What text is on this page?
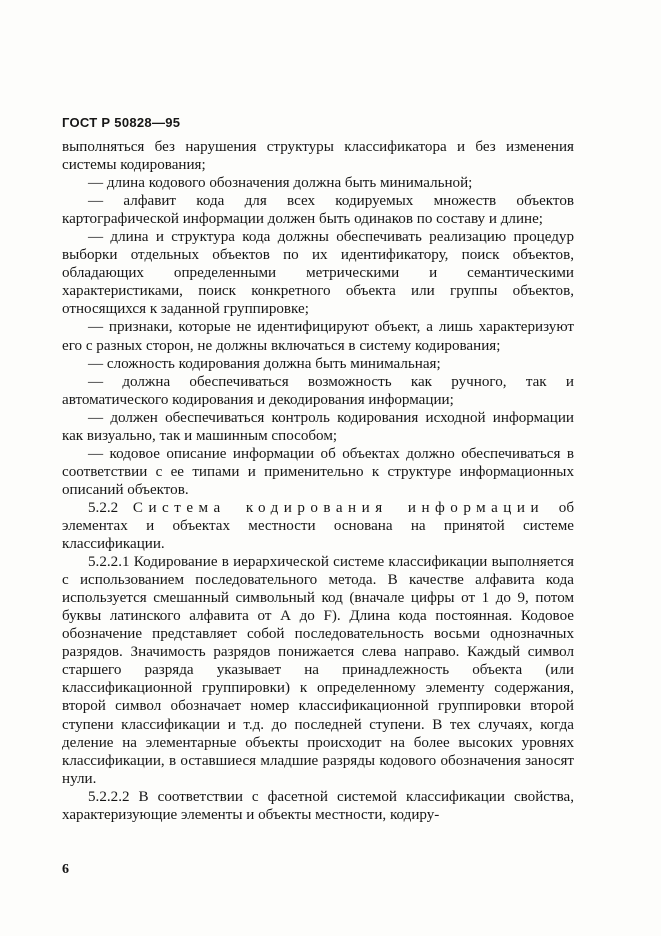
ГОСТ Р 50828—95

выполняться без нарушения структуры классификатора и без изменения системы кодирования;

— длина кодового обозначения должна быть минимальной;

— алфавит кода для всех кодируемых множеств объектов картографической информации должен быть одинаков по составу и длине;

— длина и структура кода должны обеспечивать реализацию процедур выборки отдельных объектов по их идентификатору, поиск объектов, обладающих определенными метрическими и семантическими характеристиками, поиск конкретного объекта или группы объектов, относящихся к заданной группировке;

— признаки, которые не идентифицируют объект, а лишь характеризуют его с разных сторон, не должны включаться в систему кодирования;

— сложность кодирования должна быть минимальная;

— должна обеспечиваться возможность как ручного, так и автоматического кодирования и декодирования информации;

— должен обеспечиваться контроль кодирования исходной информации как визуально, так и машинным способом;

— кодовое описание информации об объектах должно обеспечиваться в соответствии с ее типами и применительно к структуре информационных описаний объектов.

5.2.2 Система кодирования информации об элементах и объектах местности основана на принятой системе классификации.

5.2.2.1 Кодирование в иерархической системе классификации выполняется с использованием последовательного метода. В качестве алфавита кода используется смешанный символьный код (вначале цифры от 1 до 9, потом буквы латинского алфавита от А до F). Длина кода постоянная. Кодовое обозначение представляет собой последовательность восьми однозначных разрядов. Значимость разрядов понижается слева направо. Каждый символ старшего разряда указывает на принадлежность объекта (или классификационной группировки) к определенному элементу содержания, второй символ обозначает номер классификационной группировки второй ступени классификации и т.д. до последней ступени. В тех случаях, когда деление на элементарные объекты происходит на более высоких уровнях классификации, в оставшиеся младшие разряды кодового обозначения заносят нули.

5.2.2.2 В соответствии с фасетной системой классификации свойства, характеризующие элементы и объекты местности, кодиру-

6
